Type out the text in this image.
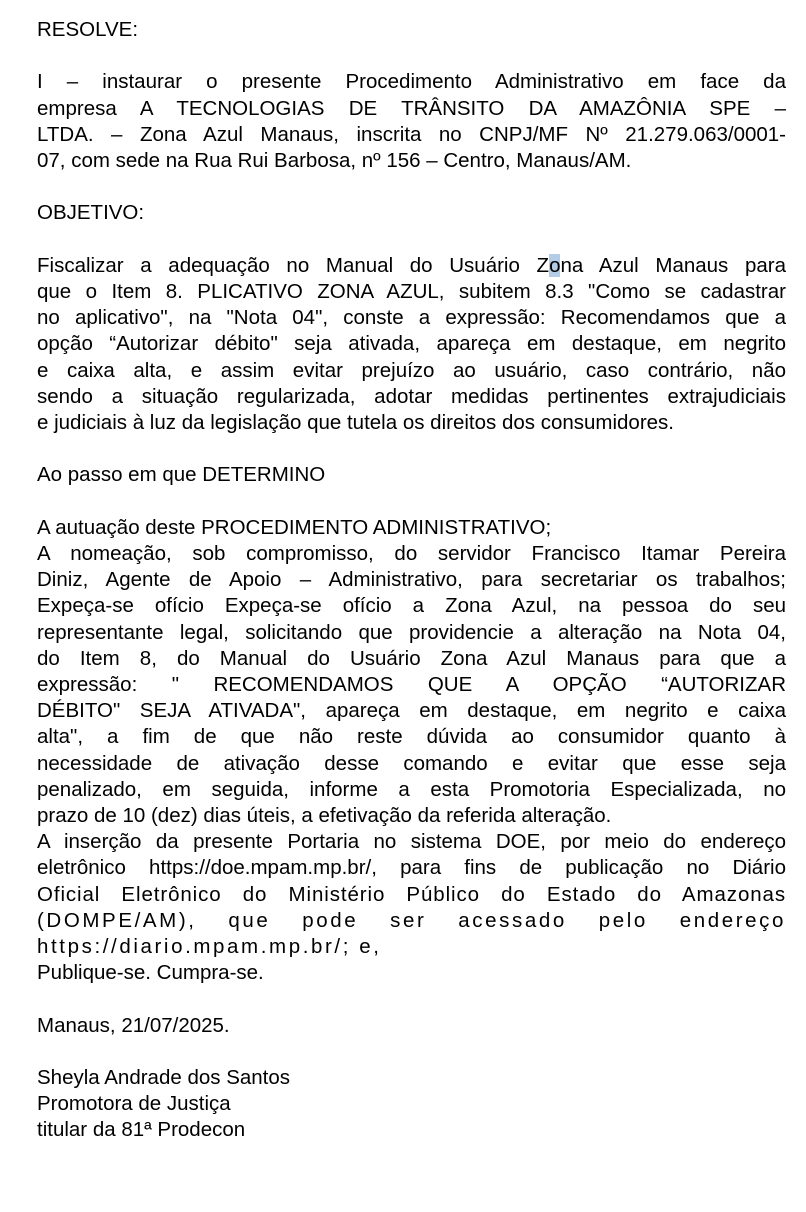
RESOLVE:

I – instaurar o presente Procedimento Administrativo em face da
empresa A TECNOLOGIAS DE TRÂNSITO DA AMAZÔNIA SPE –
LTDA. – Zona Azul Manaus, inscrita no CNPJ/MF Nº 21.279.063/0001-
07, com sede na Rua Rui Barbosa, nº 156 – Centro, Manaus/AM.

OBJETIVO:

Fiscalizar a adequação no Manual do Usuário Zona Azul Manaus para
que o Item 8. PLICATIVO ZONA AZUL, subitem 8.3 "Como se cadastrar
no aplicativo", na "Nota 04", conste a expressão: Recomendamos que a
opção “Autorizar débito" seja ativada, apareça em destaque, em negrito
e caixa alta, e assim evitar prejuízo ao usuário, caso contrário, não
sendo a situação regularizada, adotar medidas pertinentes extrajudiciais
e judiciais à luz da legislação que tutela os direitos dos consumidores.

Ao passo em que DETERMINO

A autuação deste PROCEDIMENTO ADMINISTRATIVO;
A nomeação, sob compromisso, do servidor Francisco Itamar Pereira
Diniz, Agente de Apoio – Administrativo, para secretariar os trabalhos;
Expeça-se ofício Expeça-se ofício a Zona Azul, na pessoa do seu
representante legal, solicitando que providencie a alteração na Nota 04,
do Item 8, do Manual do Usuário Zona Azul Manaus para que a
expressão: " RECOMENDAMOS QUE A OPÇÃO “AUTORIZAR
DÉBITO" SEJA ATIVADA", apareça em destaque, em negrito e caixa
alta", a fim de que não reste dúvida ao consumidor quanto à
necessidade de ativação desse comando e evitar que esse seja
penalizado, em seguida, informe a esta Promotoria Especializada, no
prazo de 10 (dez) dias úteis, a efetivação da referida alteração.
A inserção da presente Portaria no sistema DOE, por meio do endereço
eletrônico https://doe.mpam.mp.br/, para fins de publicação no Diário
Oficial Eletrônico do Ministério Público do Estado do Amazonas
(DOMPE/AM), que pode ser acessado pelo endereço
https://diario.mpam.mp.br/; e,
Publique-se. Cumpra-se.

Manaus, 21/07/2025.

Sheyla Andrade dos Santos
Promotora de Justiça
titular da 81ª Prodecon
